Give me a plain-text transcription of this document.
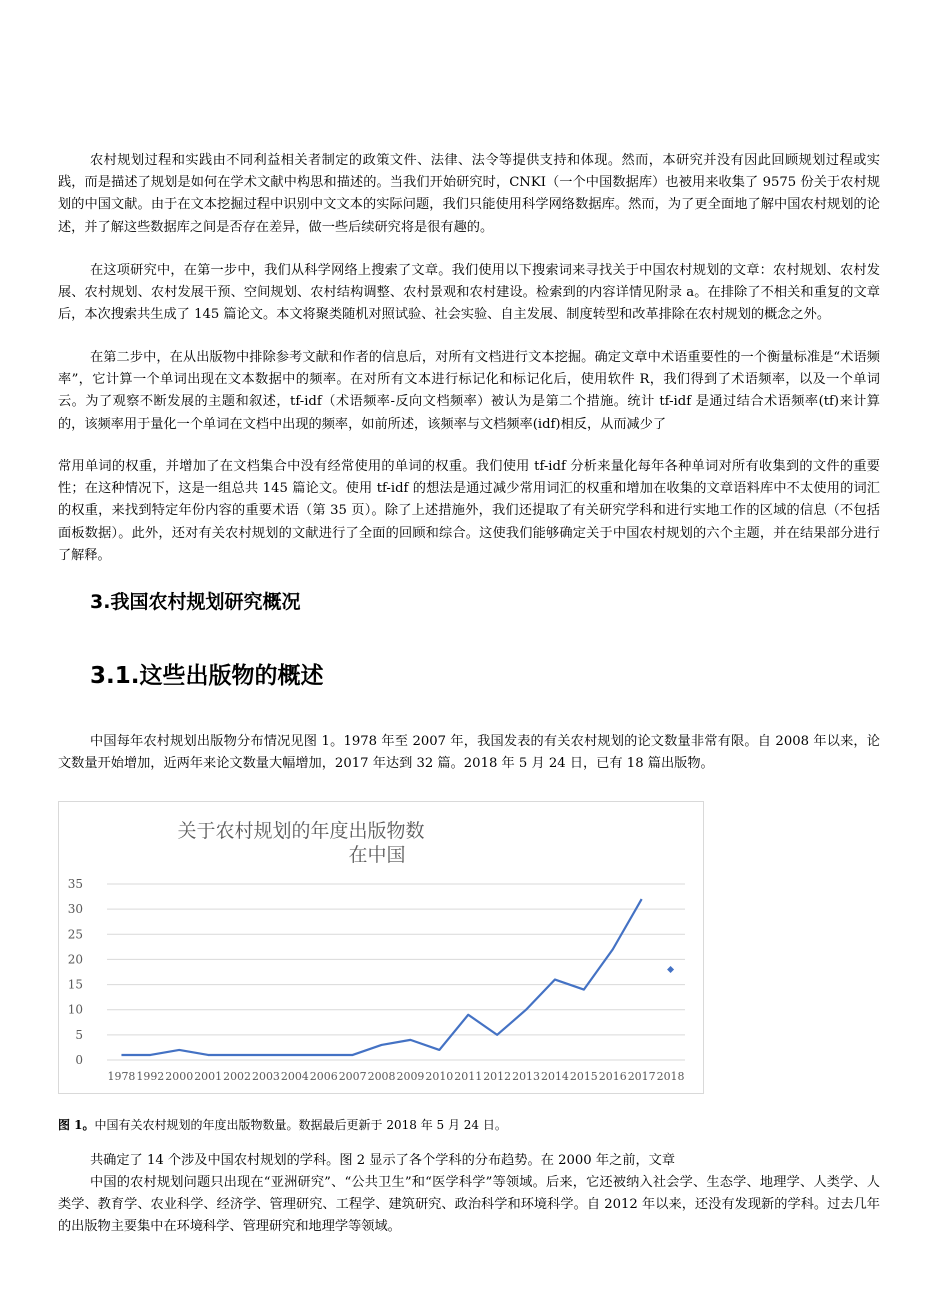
农村规划过程和实践由不同利益相关者制定的政策文件、法律、法令等提供支持和体现。然而，本研究并没有因此回顾规划过程或实践，而是描述了规划是如何在学术文献中构思和描述的。当我们开始研究时，CNKI（一个中国数据库）也被用来收集了 9575 份关于农村规划的中国文献。由于在文本挖掘过程中识别中文文本的实际问题，我们只能使用科学网络数据库。然而，为了更全面地了解中国农村规划的论述，并了解这些数据库之间是否存在差异，做一些后续研究将是很有趣的。

在这项研究中，在第一步中，我们从科学网络上搜索了文章。我们使用以下搜索词来寻找关于中国农村规划的文章：农村规划、农村发展、农村规划、农村发展干预、空间规划、农村结构调整、农村景观和农村建设。检索到的内容详情见附录 a。在排除了不相关和重复的文章后，本次搜索共生成了 145 篇论文。本文将聚类随机对照试验、社会实验、自主发展、制度转型和改革排除在农村规划的概念之外。

在第二步中，在从出版物中排除参考文献和作者的信息后，对所有文档进行文本挖掘。确定文章中术语重要性的一个衡量标准是“术语频率”，它计算一个单词出现在文本数据中的频率。在对所有文本进行标记化和标记化后，使用软件 R，我们得到了术语频率，以及一个单词云。为了观察不断发展的主题和叙述，tf-idf（术语频率-反向文档频率）被认为是第二个措施。统计 tf-idf 是通过结合术语频率(tf)来计算的，该频率用于量化一个单词在文档中出现的频率，如前所述，该频率与文档频率(idf)相反，从而减少了

常用单词的权重，并增加了在文档集合中没有经常使用的单词的权重。我们使用 tf-idf 分析来量化每年各种单词对所有收集到的文件的重要性；在这种情况下，这是一组总共 145 篇论文。使用 tf-idf 的想法是通过减少常用词汇的权重和增加在收集的文章语料库中不太使用的词汇的权重，来找到特定年份内容的重要术语（第 35 页）。除了上述措施外，我们还提取了有关研究学科和进行实地工作的区域的信息（不包括面板数据）。此外，还对有关农村规划的文献进行了全面的回顾和综合。这使我们能够确定关于中国农村规划的六个主题，并在结果部分进行了解释。

3.我国农村规划研究概况
3.1.这些出版物的概述

中国每年农村规划出版物分布情况见图 1。1978 年至 2007 年，我国发表的有关农村规划的论文数量非常有限。自 2008 年以来，论文数量开始增加，近两年来论文数量大幅增加，2017 年达到 32 篇。2018 年 5 月 24 日，已有 18 篇出版物。

关于农村规划的年度出版物数
在中国
0
5
10
15
20
25
30
35
1978 1992 2000 2001 2002 2003 2004 2006 2007 2008 2009 2010 2011 2012 2013 2014 2015 2016 2017 2018

图 1。中国有关农村规划的年度出版物数量。数据最后更新于 2018 年 5 月 24 日。

共确定了 14 个涉及中国农村规划的学科。图 2 显示了各个学科的分布趋势。在 2000 年之前，文章

中国的农村规划问题只出现在“亚洲研究”、“公共卫生”和“医学科学”等领域。后来，它还被纳入社会学、生态学、地理学、人类学、人类学、教育学、农业科学、经济学、管理研究、工程学、建筑研究、政治科学和环境科学。自 2012 年以来，还没有发现新的学科。过去几年的出版物主要集中在环境科学、管理研究和地理学等领域。
